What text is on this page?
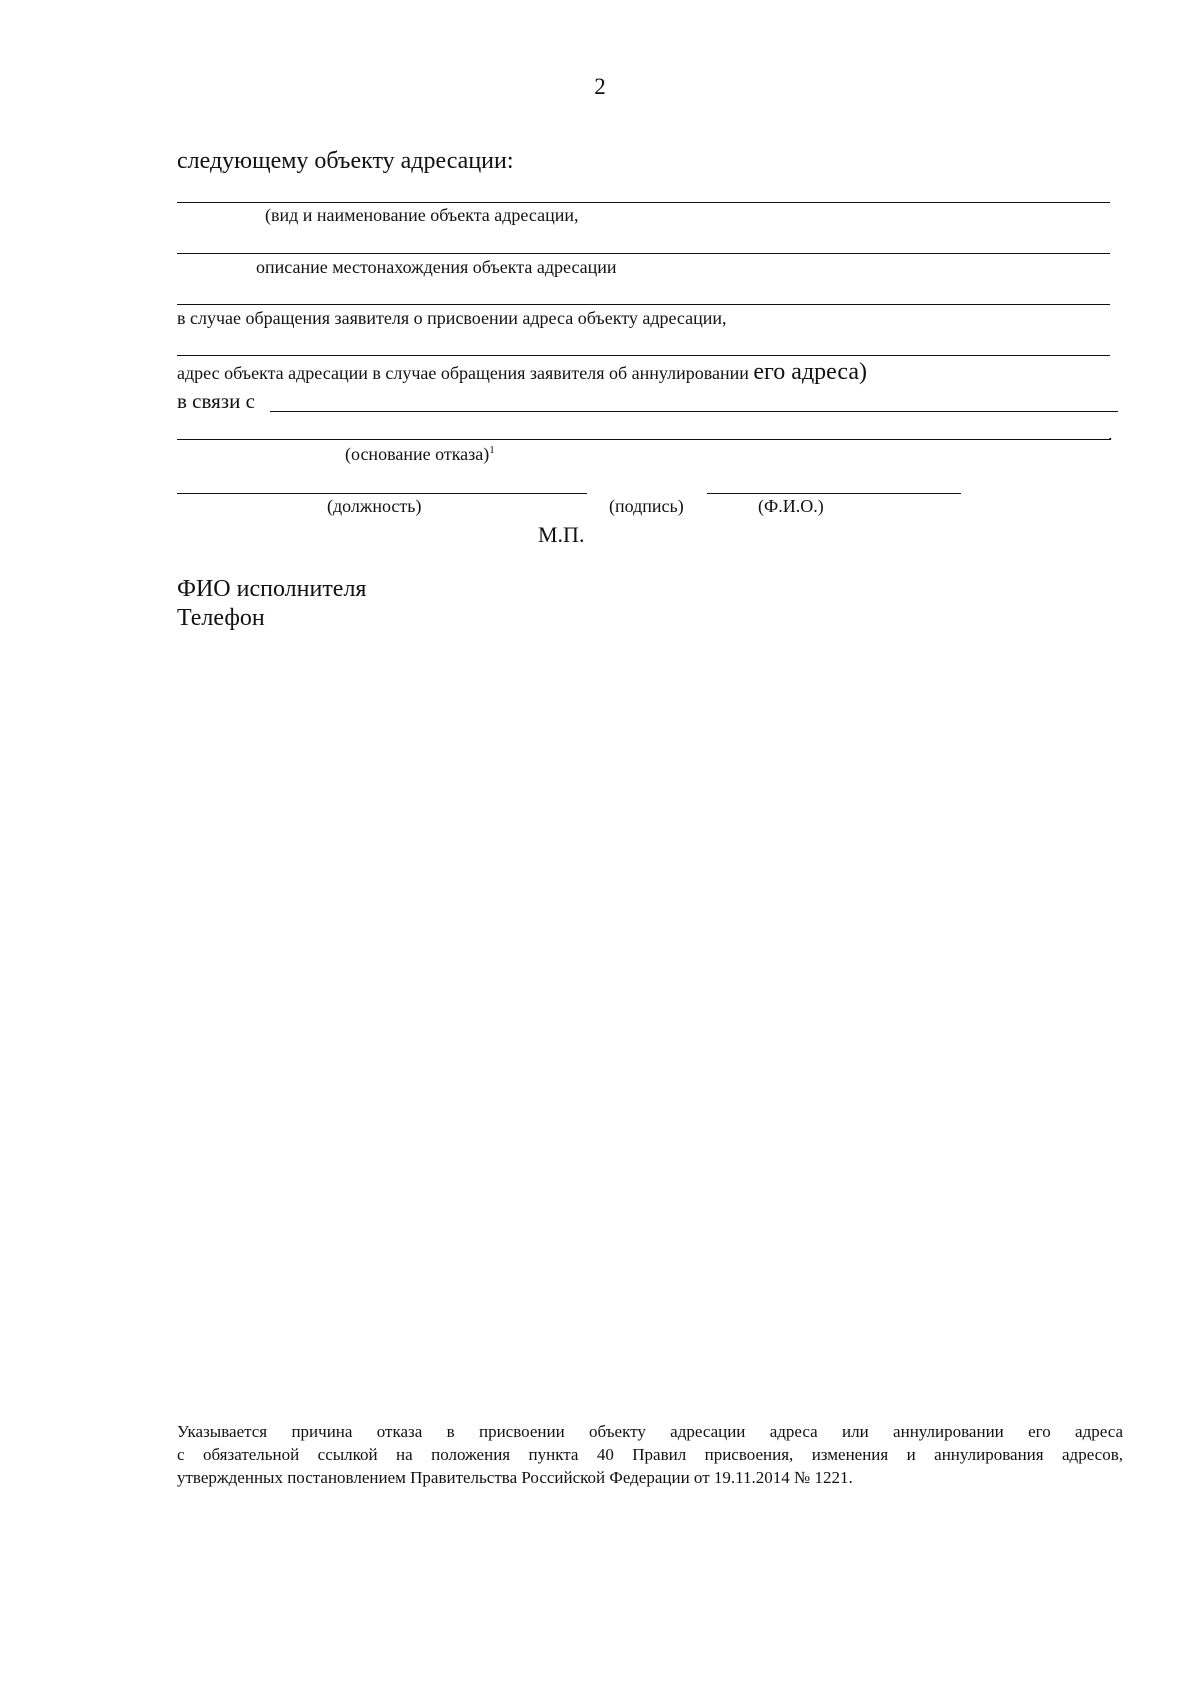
2
следующему объекту адресации:
(вид и наименование объекта адресации,
описание местонахождения объекта адресации
в случае обращения заявителя о присвоении адреса объекту адресации,
адрес объекта адресации в случае обращения заявителя об аннулировании его адреса)
в связи с
.
(основание отказа)$^1$
(должность)	(подпись)	(Ф.И.О.)
М.П.
ФИО исполнителя
Телефон
Указывается причина отказа в присвоении объекту адресации адреса или аннулировании его адреса
с обязательной ссылкой на положения пункта 40 Правил присвоения, изменения и аннулирования адресов,
утвержденных постановлением Правительства Российской Федерации от 19.11.2014 № 1221.
